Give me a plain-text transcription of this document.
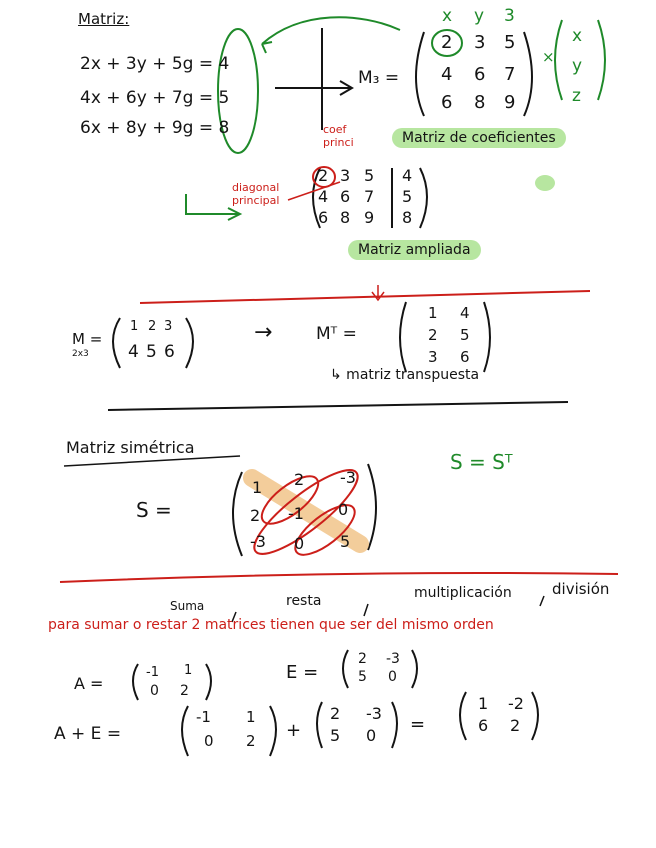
Matriz:
2x + 3y + 5g = 4
4x + 6y + 7g = 5
6x + 8y + 9g = 8
M₃ =
x y 3
2 3 5
4 6 7
6 8 9
×
x
y
z
coef
princi	Matriz de coeficientes
diagonal
principal
2 3 5 4
4 6 7 5
6 8 9 8
Matriz ampliada
M =
2x3
1 2 3
4 5 6
→	Mᵀ =
1 4
2 5
3 6
↳ matriz transpuesta
Matriz simétrica
S =
1 2 -3
2 -1 0
-3 0 5
S = Sᵀ
Suma	resta	multiplicación	división
para sumar o restar 2 matrices tienen que ser del mismo orden
A =
-1 1
0 2
E =
2 -3
5 0
A + E =
-1 1
0 2 +
2 -3
5 0
=
1 -2
6 2
